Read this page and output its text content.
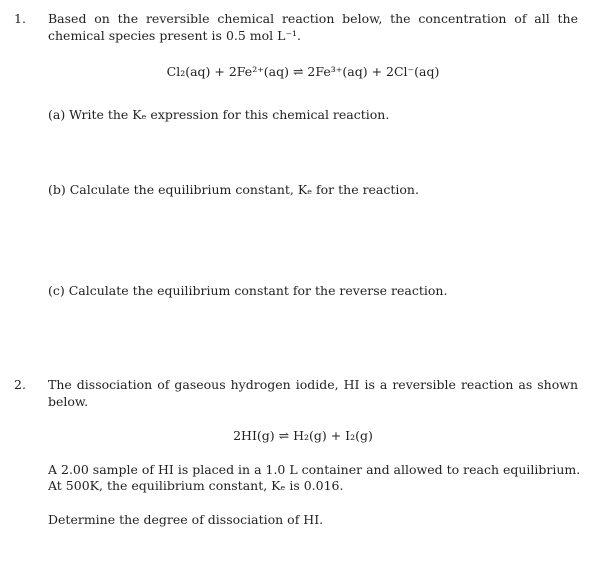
1. Based on the reversible chemical reaction below, the concentration of all the chemical species present is 0.5 mol L⁻¹.

Cl₂(aq) + 2Fe²⁺(aq) ⇌ 2Fe³⁺(aq) + 2Cl⁻(aq)
(a) Write the Kₑ expression for this chemical reaction.
(b) Calculate the equilibrium constant, Kₑ for the reaction.
(c) Calculate the equilibrium constant for the reverse reaction.
2. The dissociation of gaseous hydrogen iodide, HI is a reversible reaction as shown below.

2HI(g) ⇌ H₂(g) + I₂(g)
A 2.00 sample of HI is placed in a 1.0 L container and allowed to reach equilibrium.
At 500K, the equilibrium constant, Kₑ is 0.016.
Determine the degree of dissociation of HI.
